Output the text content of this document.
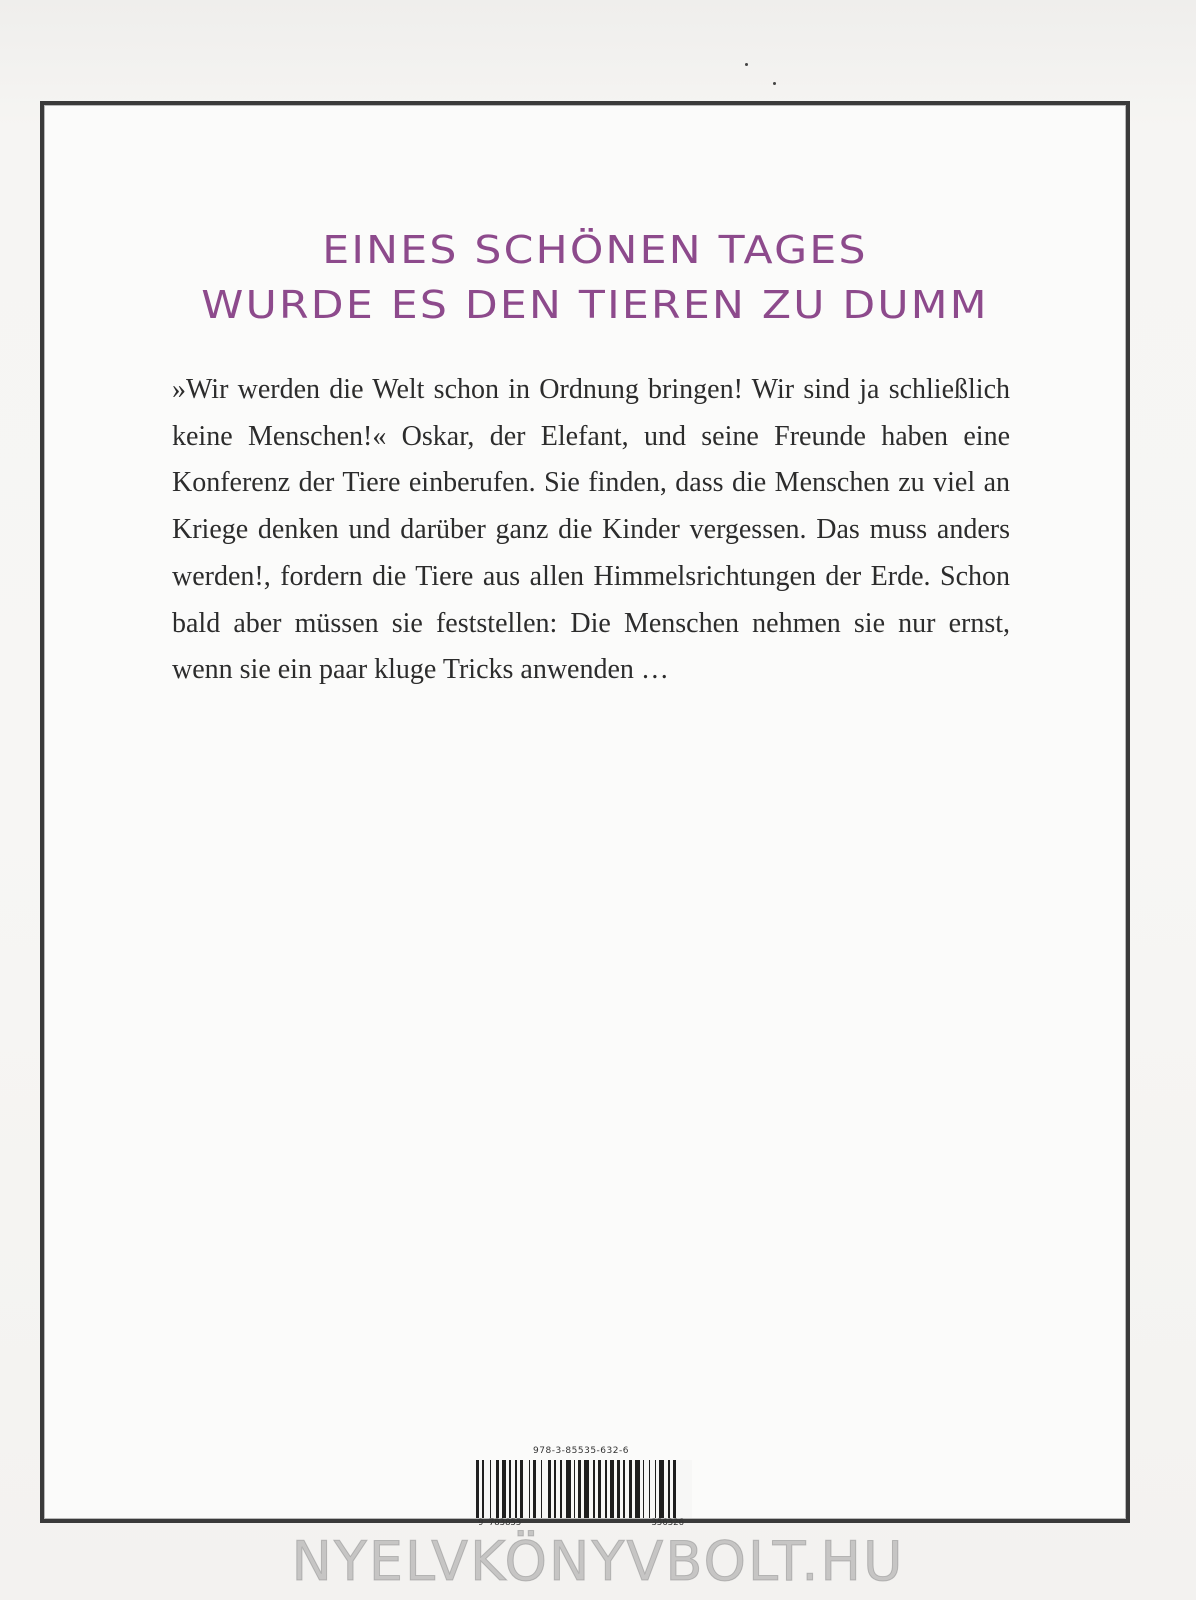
EINES SCHÖNEN TAGES
WURDE ES DEN TIEREN ZU DUMM

»Wir werden die Welt schon in Ordnung bringen! Wir sind ja schließlich keine Menschen!« Oskar, der Elefant, und seine Freunde haben eine Konferenz der Tiere einberufen. Sie finden, dass die Menschen zu viel an Kriege denken und darüber ganz die Kinder vergessen. Das muss anders werden!, fordern die Tiere aus allen Himmelsrichtungen der Erde. Schon bald aber müssen sie feststellen: Die Menschen nehmen sie nur ernst, wenn sie ein paar kluge Tricks anwenden …

978-3-85535-632-6
9 783855	356326
NYELVKÖNYVBOLT.HU
